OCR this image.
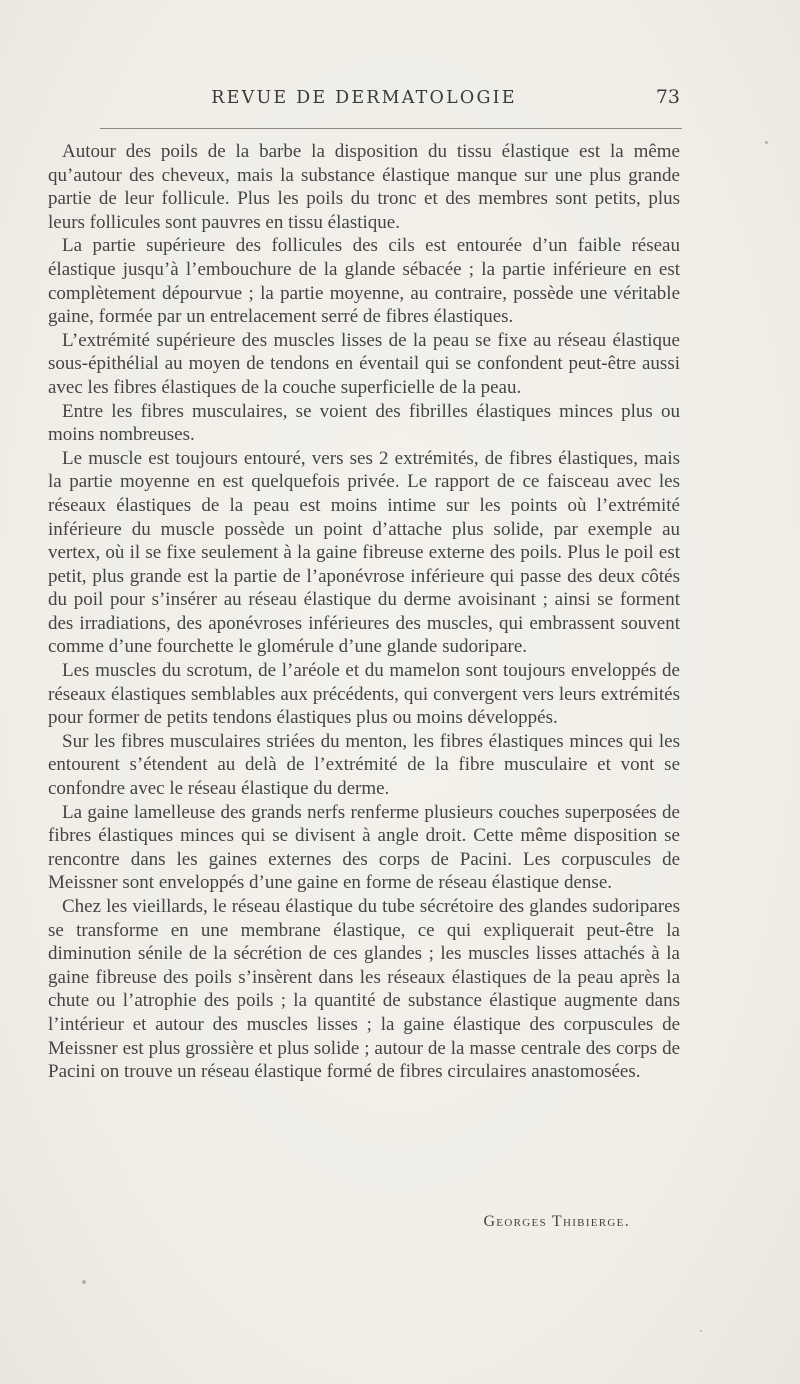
REVUE DE DERMATOLOGIE	73

Autour des poils de la barbe la disposition du tissu élastique est la même qu’autour des cheveux, mais la substance élastique manque sur une plus grande partie de leur follicule. Plus les poils du tronc et des membres sont petits, plus leurs follicules sont pauvres en tissu élastique.

La partie supérieure des follicules des cils est entourée d’un faible réseau élastique jusqu’à l’embouchure de la glande sébacée ; la partie inférieure en est complètement dépourvue ; la partie moyenne, au contraire, possède une véritable gaine, formée par un entrelacement serré de fibres élastiques.

L’extrémité supérieure des muscles lisses de la peau se fixe au réseau élastique sous-épithélial au moyen de tendons en éventail qui se confondent peut-être aussi avec les fibres élastiques de la couche superficielle de la peau.

Entre les fibres musculaires, se voient des fibrilles élastiques minces plus ou moins nombreuses.

Le muscle est toujours entouré, vers ses 2 extrémités, de fibres élastiques, mais la partie moyenne en est quelquefois privée. Le rapport de ce faisceau avec les réseaux élastiques de la peau est moins intime sur les points où l’extrémité inférieure du muscle possède un point d’attache plus solide, par exemple au vertex, où il se fixe seulement à la gaine fibreuse externe des poils. Plus le poil est petit, plus grande est la partie de l’aponévrose inférieure qui passe des deux côtés du poil pour s’insérer au réseau élastique du derme avoisinant ; ainsi se forment des irradiations, des aponévroses inférieures des muscles, qui embrassent souvent comme d’une fourchette le glomérule d’une glande sudoripare.

Les muscles du scrotum, de l’aréole et du mamelon sont toujours enveloppés de réseaux élastiques semblables aux précédents, qui convergent vers leurs extrémités pour former de petits tendons élastiques plus ou moins développés.

Sur les fibres musculaires striées du menton, les fibres élastiques minces qui les entourent s’étendent au delà de l’extrémité de la fibre musculaire et vont se confondre avec le réseau élastique du derme.

La gaine lamelleuse des grands nerfs renferme plusieurs couches superposées de fibres élastiques minces qui se divisent à angle droit. Cette même disposition se rencontre dans les gaines externes des corps de Pacini. Les corpuscules de Meissner sont enveloppés d’une gaine en forme de réseau élastique dense.

Chez les vieillards, le réseau élastique du tube sécrétoire des glandes sudoripares se transforme en une membrane élastique, ce qui expliquerait peut-être la diminution sénile de la sécrétion de ces glandes ; les muscles lisses attachés à la gaine fibreuse des poils s’insèrent dans les réseaux élastiques de la peau après la chute ou l’atrophie des poils ; la quantité de substance élastique augmente dans l’intérieur et autour des muscles lisses ; la gaine élastique des corpuscules de Meissner est plus grossière et plus solide ; autour de la masse centrale des corps de Pacini on trouve un réseau élastique formé de fibres circulaires anastomosées.

Georges Thibierge.
